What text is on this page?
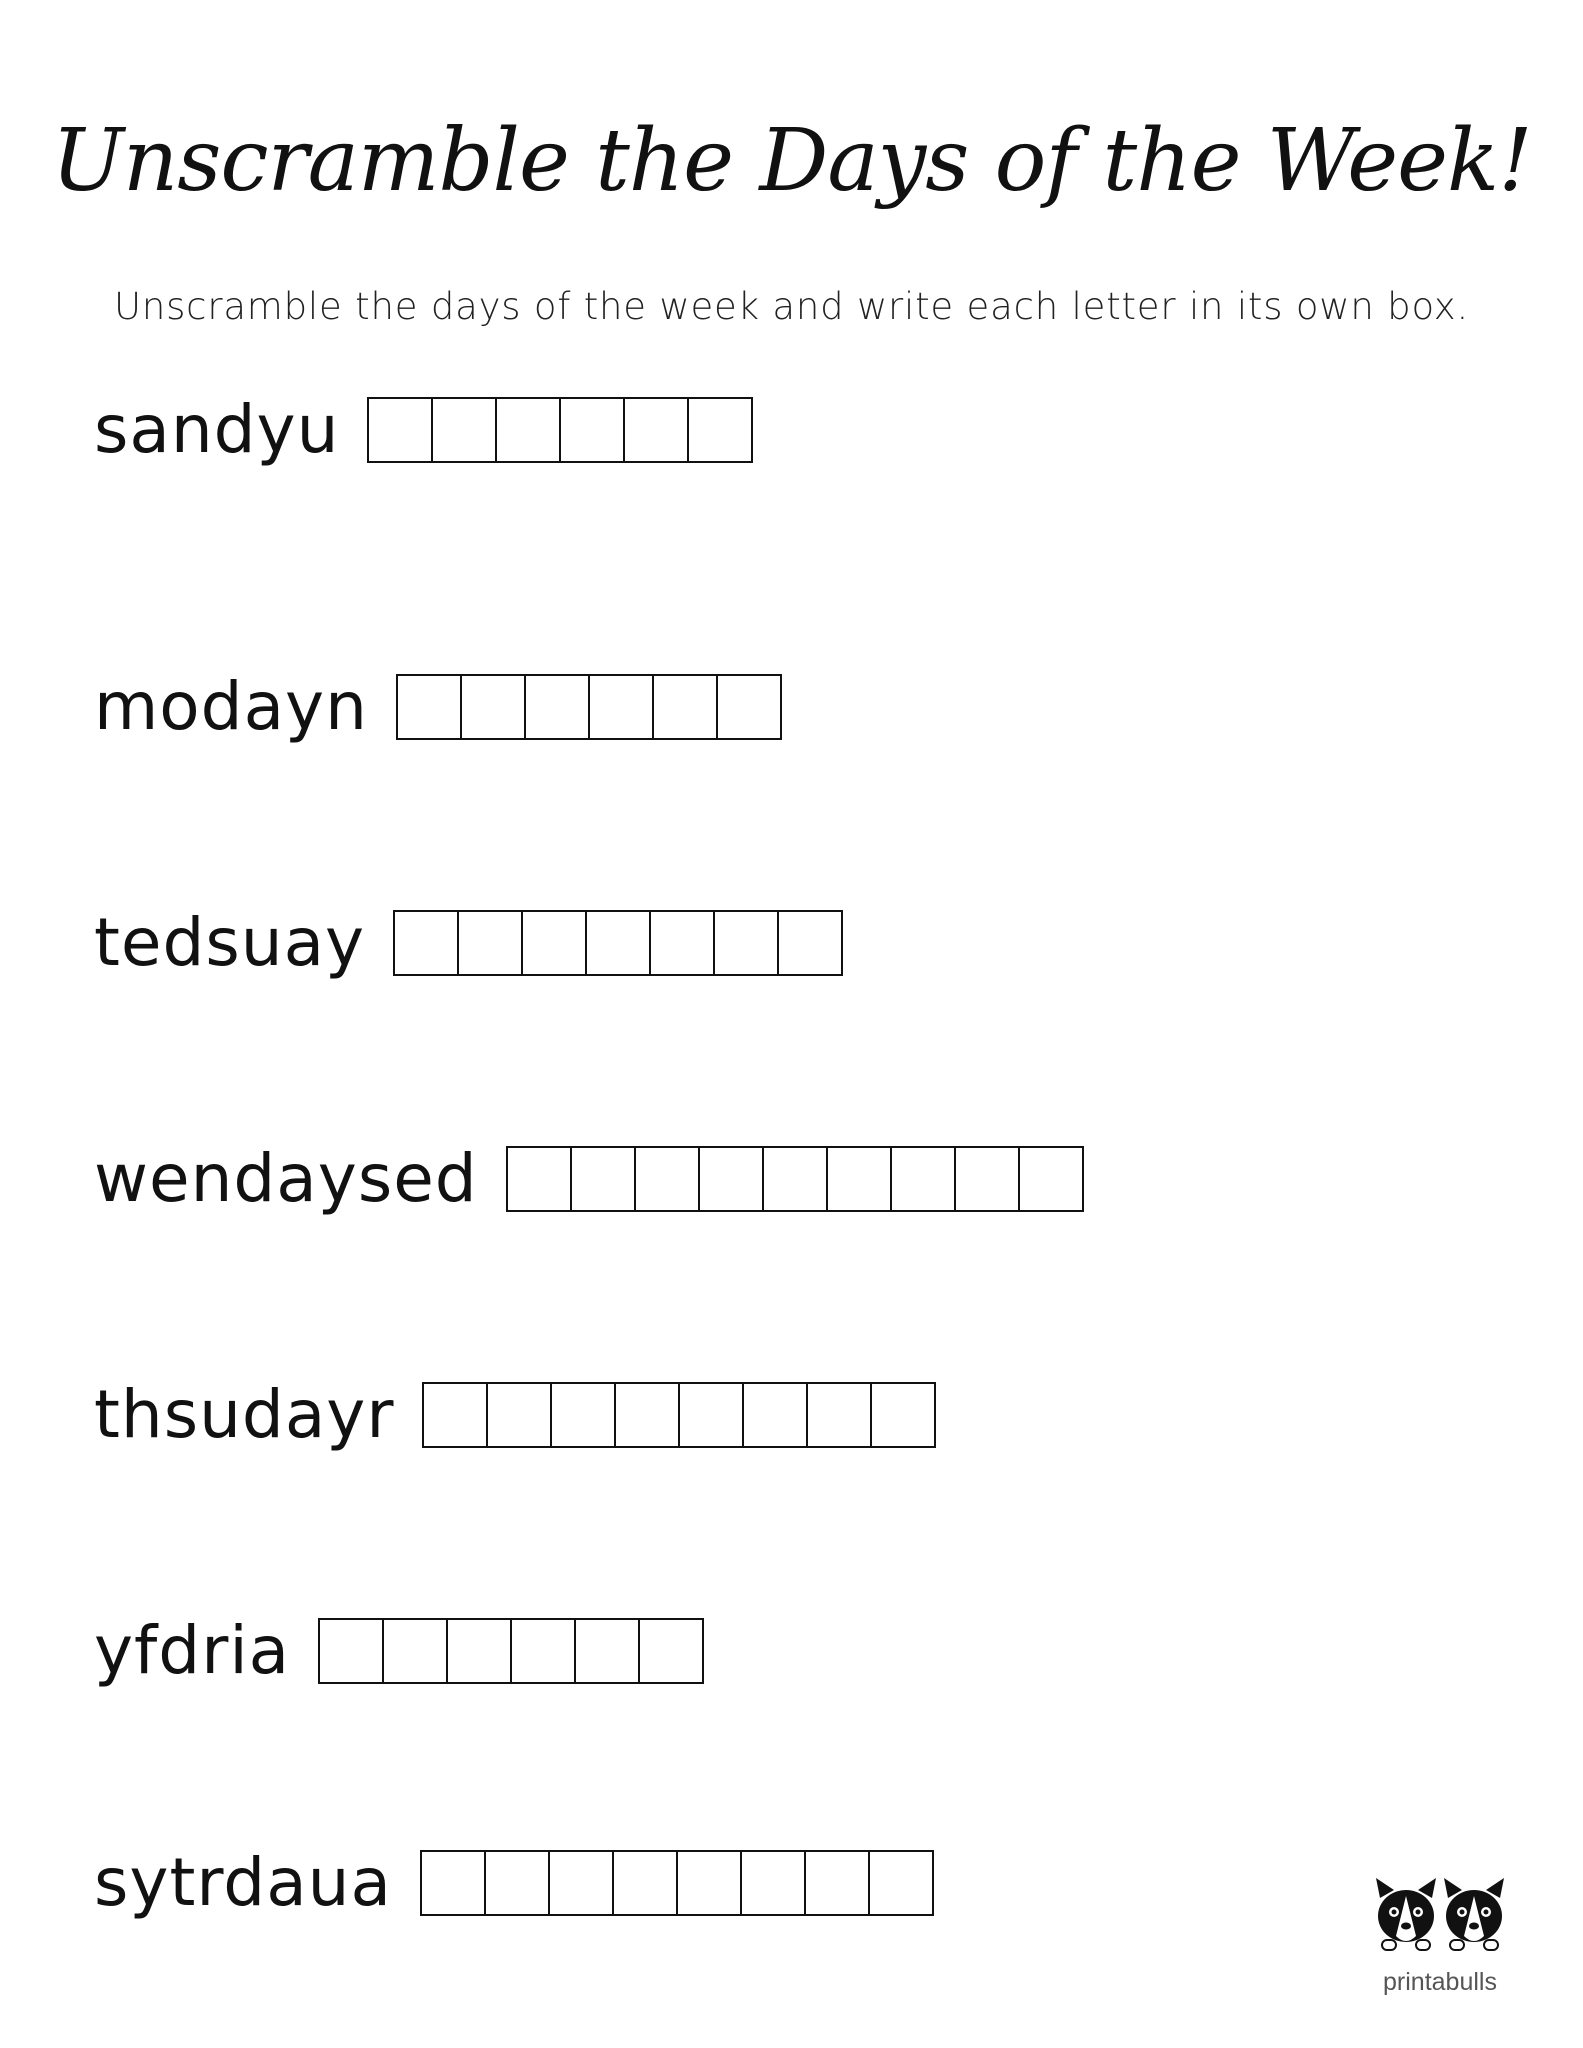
Unscramble the Days of the Week!
Unscramble the days of the week and write each letter in its own box.
sandyu
modayn
tedsuay
wendaysed
thsudayr
yfdria
sytrdaua
printabulls
